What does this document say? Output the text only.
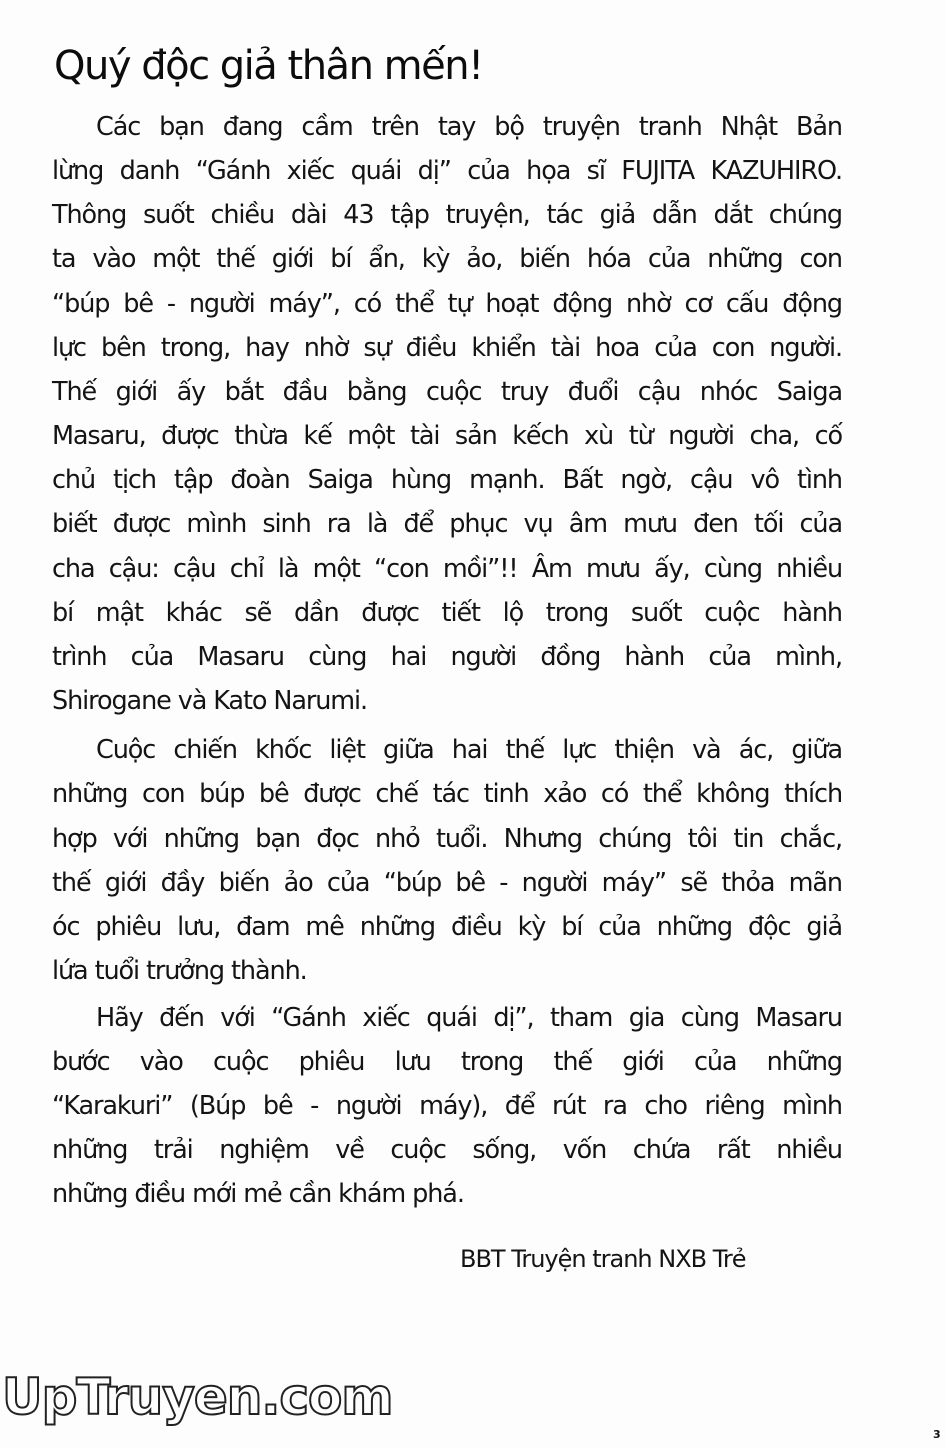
Quý độc giả thân mến!
Các bạn đang cầm trên tay bộ truyện tranh Nhật Bản
lừng danh “Gánh xiếc quái dị” của họa sĩ FUJITA KAZUHIRO.
Thông suốt chiều dài 43 tập truyện, tác giả dẫn dắt chúng
ta vào một thế giới bí ẩn, kỳ ảo, biến hóa của những con
“búp bê - người máy”, có thể tự hoạt động nhờ cơ cấu động
lực bên trong, hay nhờ sự điều khiển tài hoa của con người.
Thế giới ấy bắt đầu bằng cuộc truy đuổi cậu nhóc Saiga
Masaru, được thừa kế một tài sản kếch xù từ người cha, cố
chủ tịch tập đoàn Saiga hùng mạnh. Bất ngờ, cậu vô tình
biết được mình sinh ra là để phục vụ âm mưu đen tối của
cha cậu: cậu chỉ là một “con mồi”!! Âm mưu ấy, cùng nhiều
bí mật khác sẽ dần được tiết lộ trong suốt cuộc hành
trình của Masaru cùng hai người đồng hành của mình,
Shirogane và Kato Narumi.
Cuộc chiến khốc liệt giữa hai thế lực thiện và ác, giữa
những con búp bê được chế tác tinh xảo có thể không thích
hợp với những bạn đọc nhỏ tuổi. Nhưng chúng tôi tin chắc,
thế giới đầy biến ảo của “búp bê - người máy” sẽ thỏa mãn
óc phiêu lưu, đam mê những điều kỳ bí của những độc giả
lứa tuổi trưởng thành.
Hãy đến với “Gánh xiếc quái dị”, tham gia cùng Masaru
bước vào cuộc phiêu lưu trong thế giới của những
“Karakuri” (Búp bê - người máy), để rút ra cho riêng mình
những trải nghiệm về cuộc sống, vốn chứa rất nhiều
những điều mới mẻ cần khám phá.
BBT Truyện tranh NXB Trẻ
UpTruyen.com
3
